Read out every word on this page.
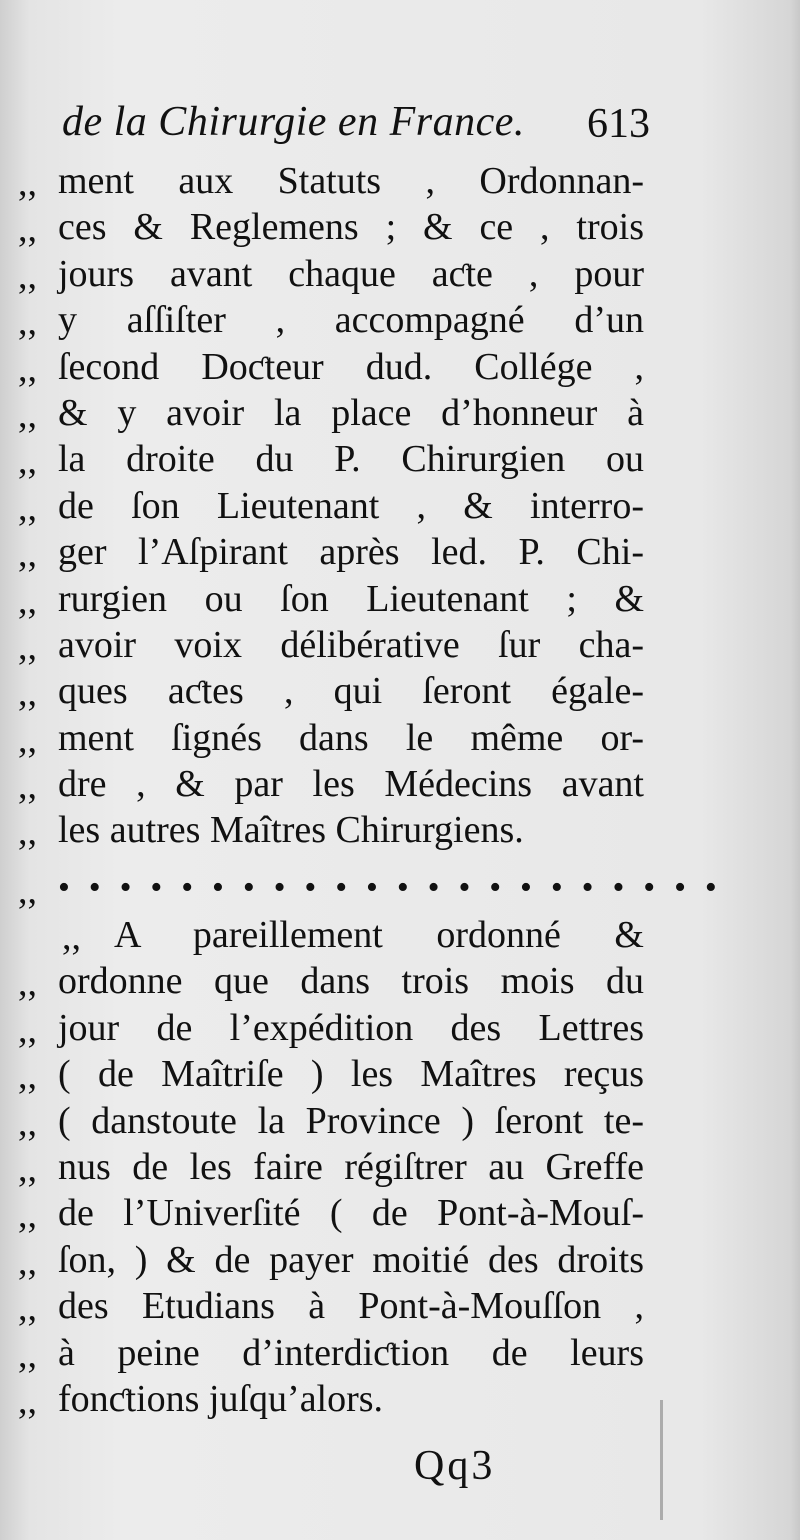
de la Chirurgie en France. 613
,, ment aux Statuts , Ordonnan-
,, ces & Reglemens ; & ce , trois
,, jours avant chaque aƈte , pour
,, y aſſiſter , accompagné d’un
,, ſecond Doƈteur dud. Collége ,
,, & y avoir la place d’honneur à
,, la droite du P. Chirurgien ou
,, de ſon Lieutenant , & interro-
,, ger l’Aſpirant après led. P. Chi-
,, rurgien ou ſon Lieutenant ; &
,, avoir voix délibérative ſur cha-
,, ques aƈtes , qui ſeront égale-
,, ment ſignés dans le même or-
,, dre , & par les Médecins avant
,, les autres Maîtres Chirurgiens.
,, • • • • • • • • • • • • • • • • • • • • • •
,, A pareillement ordonné &
,, ordonne que dans trois mois du
,, jour de l’expédition des Lettres
,, ( de Maîtriſe ) les Maîtres reçus
,, ( danstoute la Province ) ſeront te-
,, nus de les faire régiſtrer au Greffe
,, de l’Univerſité ( de Pont-à-Mouſ-
,, ſon, ) & de payer moitié des droits
,, des Etudians à Pont-à-Mouſſon ,
,, à peine d’interdiƈtion de leurs
,, fonƈtions juſqu’alors.
Qq3
